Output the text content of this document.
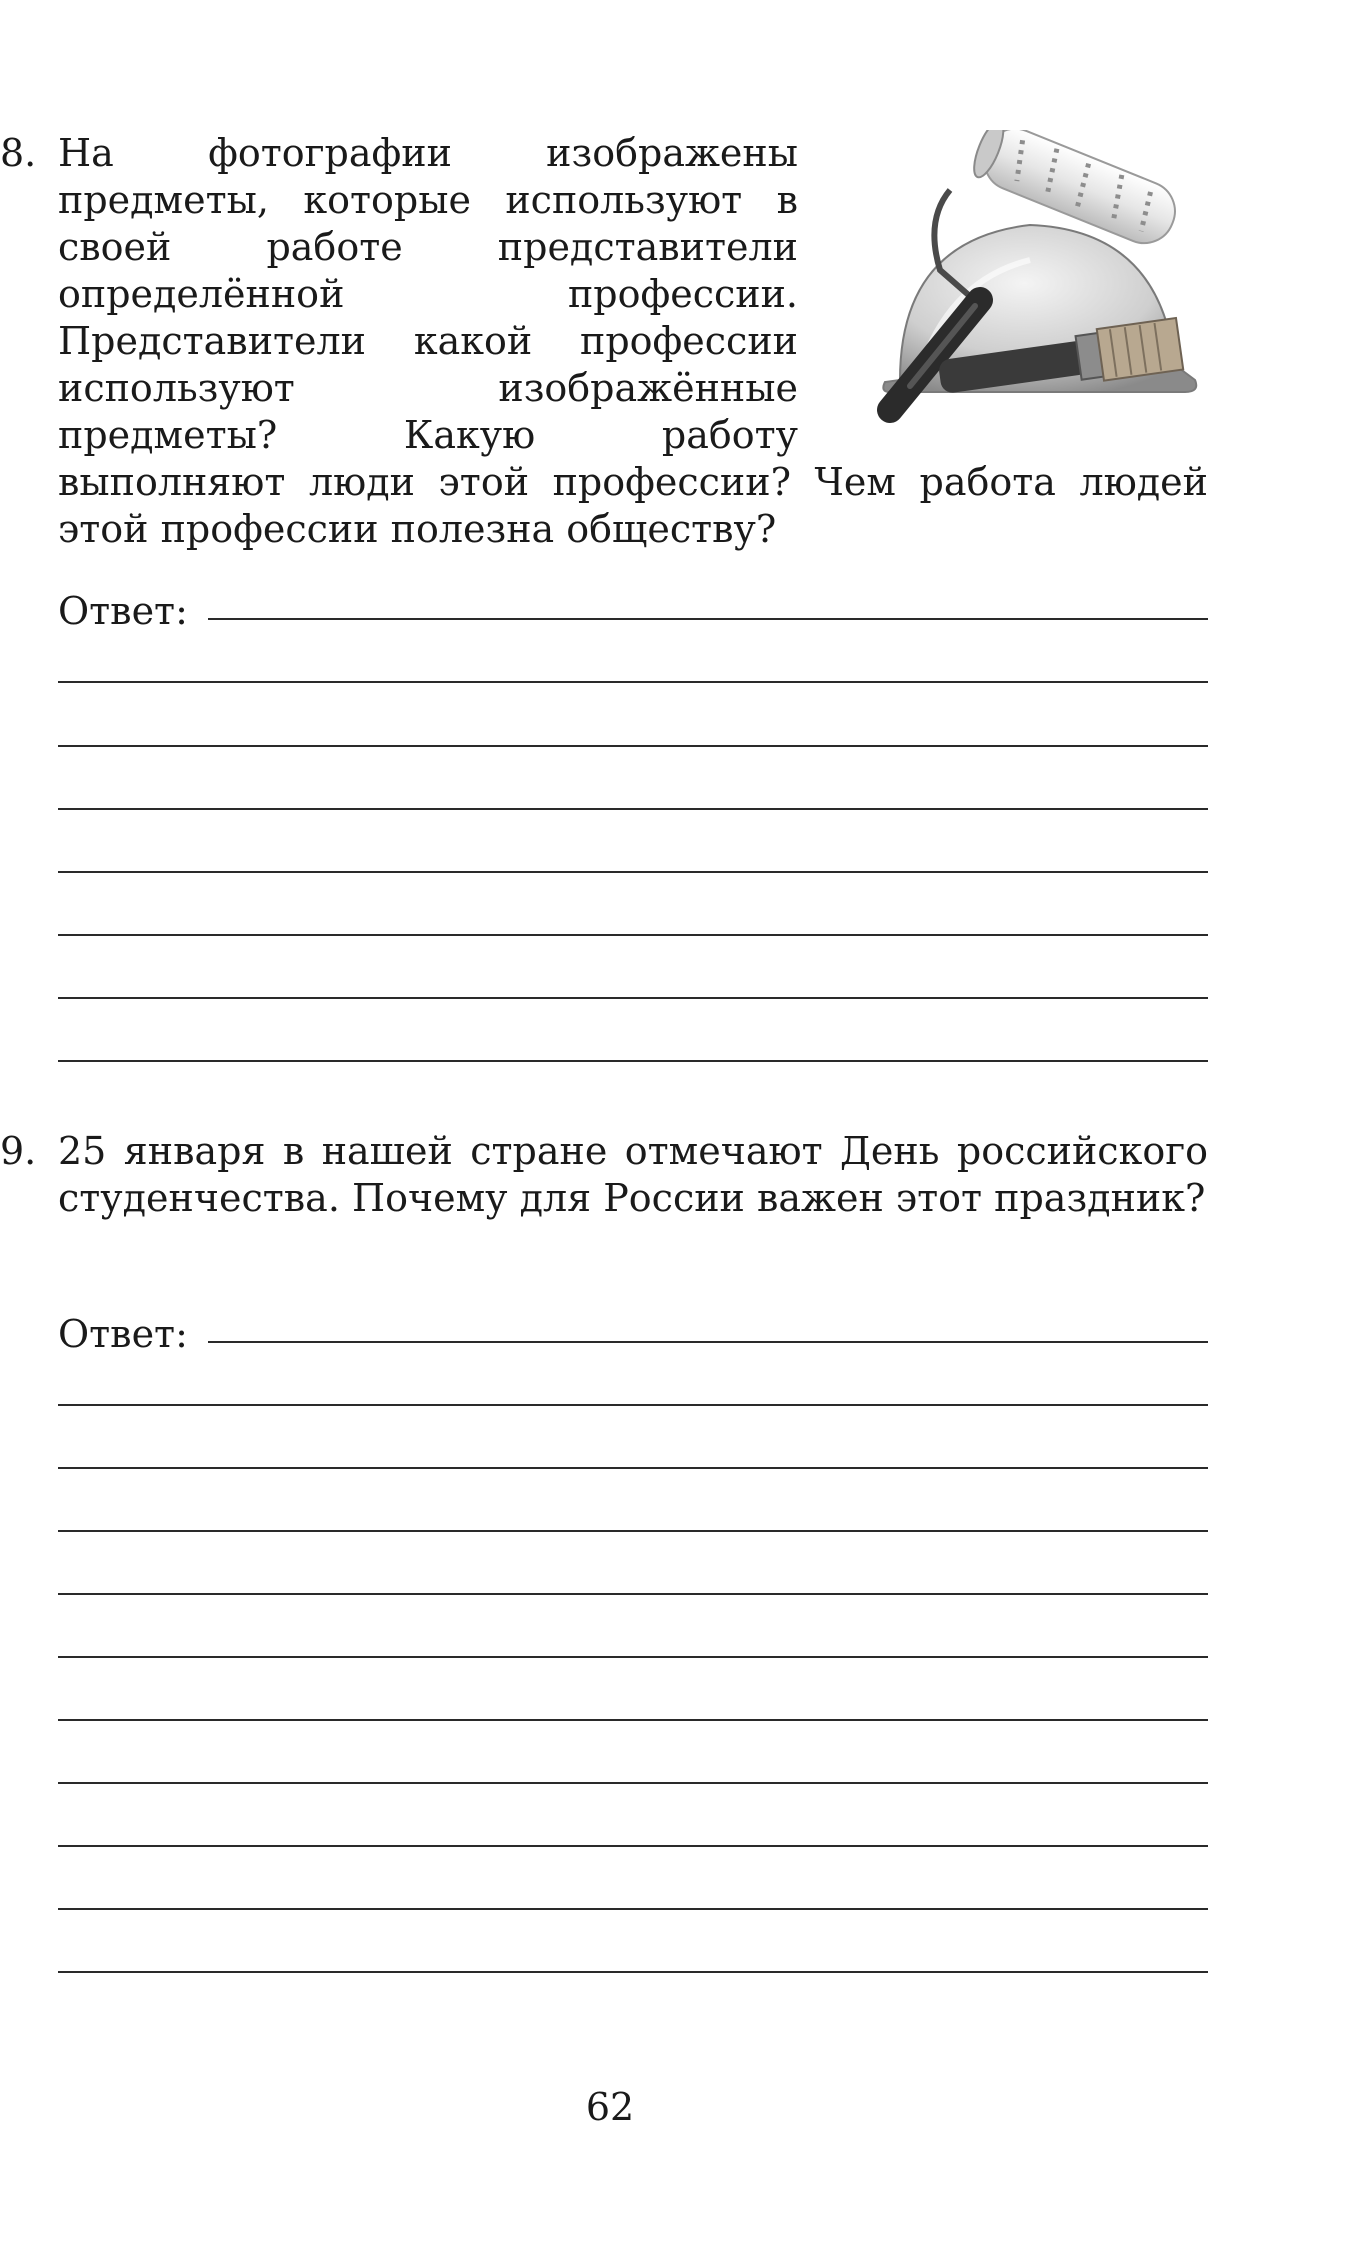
8. На фотографии изображены предметы, которые используют в своей работе представители определённой профессии. Представители какой профессии используют изображённые предметы? Какую работу выполняют люди этой профессии? Чем работа людей этой профессии полезна обществу?

Ответ:
9. 25 января в нашей стране отмечают День российского студенчества. Почему для России важен этот праздник?

Ответ:
62
